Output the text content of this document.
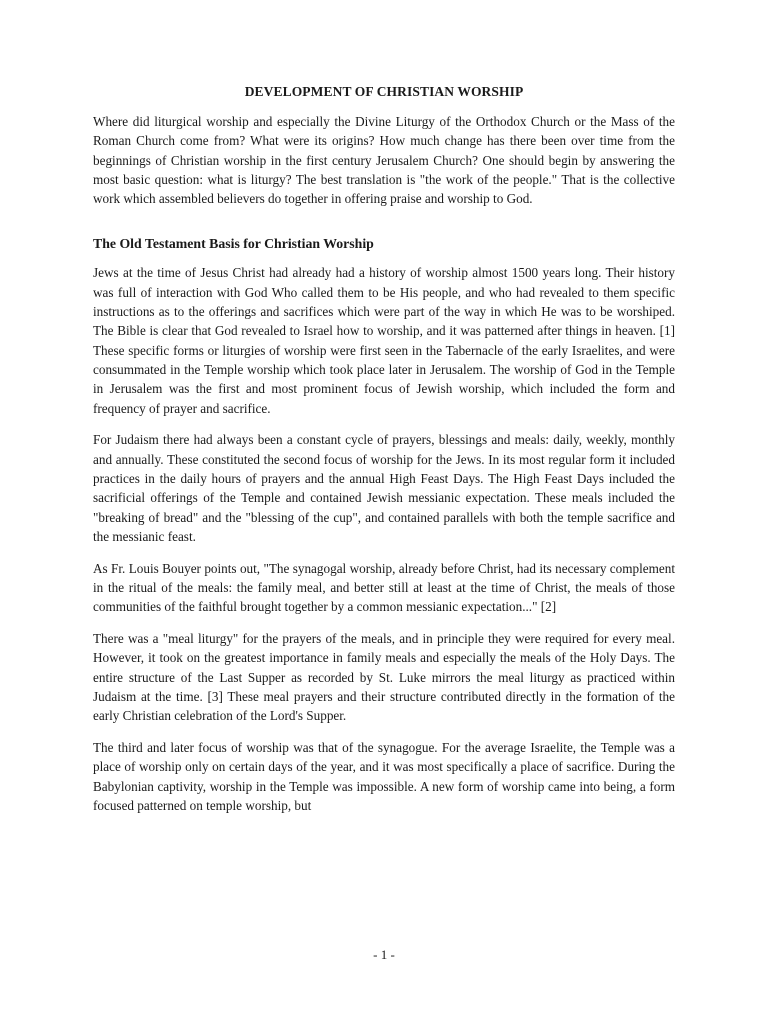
DEVELOPMENT OF CHRISTIAN WORSHIP

Where did liturgical worship and especially the Divine Liturgy of the Orthodox Church or the Mass of the Roman Church come from? What were its origins? How much change has there been over time from the beginnings of Christian worship in the first century Jerusalem Church? One should begin by answering the most basic question: what is liturgy? The best translation is "the work of the people." That is the collective work which assembled believers do together in offering praise and worship to God.

The Old Testament Basis for Christian Worship

Jews at the time of Jesus Christ had already had a history of worship almost 1500 years long. Their history was full of interaction with God Who called them to be His people, and who had revealed to them specific instructions as to the offerings and sacrifices which were part of the way in which He was to be worshiped. The Bible is clear that God revealed to Israel how to worship, and it was patterned after things in heaven. [1] These specific forms or liturgies of worship were first seen in the Tabernacle of the early Israelites, and were consummated in the Temple worship which took place later in Jerusalem. The worship of God in the Temple in Jerusalem was the first and most prominent focus of Jewish worship, which included the form and frequency of prayer and sacrifice.

For Judaism there had always been a constant cycle of prayers, blessings and meals: daily, weekly, monthly and annually. These constituted the second focus of worship for the Jews. In its most regular form it included practices in the daily hours of prayers and the annual High Feast Days. The High Feast Days included the sacrificial offerings of the Temple and contained Jewish messianic expectation. These meals included the "breaking of bread" and the "blessing of the cup", and contained parallels with both the temple sacrifice and the messianic feast.

As Fr. Louis Bouyer points out, "The synagogal worship, already before Christ, had its necessary complement in the ritual of the meals: the family meal, and better still at least at the time of Christ, the meals of those communities of the faithful brought together by a common messianic expectation..." [2]

There was a "meal liturgy" for the prayers of the meals, and in principle they were required for every meal. However, it took on the greatest importance in family meals and especially the meals of the Holy Days. The entire structure of the Last Supper as recorded by St. Luke mirrors the meal liturgy as practiced within Judaism at the time. [3] These meal prayers and their structure contributed directly in the formation of the early Christian celebration of the Lord's Supper.

The third and later focus of worship was that of the synagogue. For the average Israelite, the Temple was a place of worship only on certain days of the year, and it was most specifically a place of sacrifice. During the Babylonian captivity, worship in the Temple was impossible. A new form of worship came into being, a form focused patterned on temple worship, but

- 1 -
